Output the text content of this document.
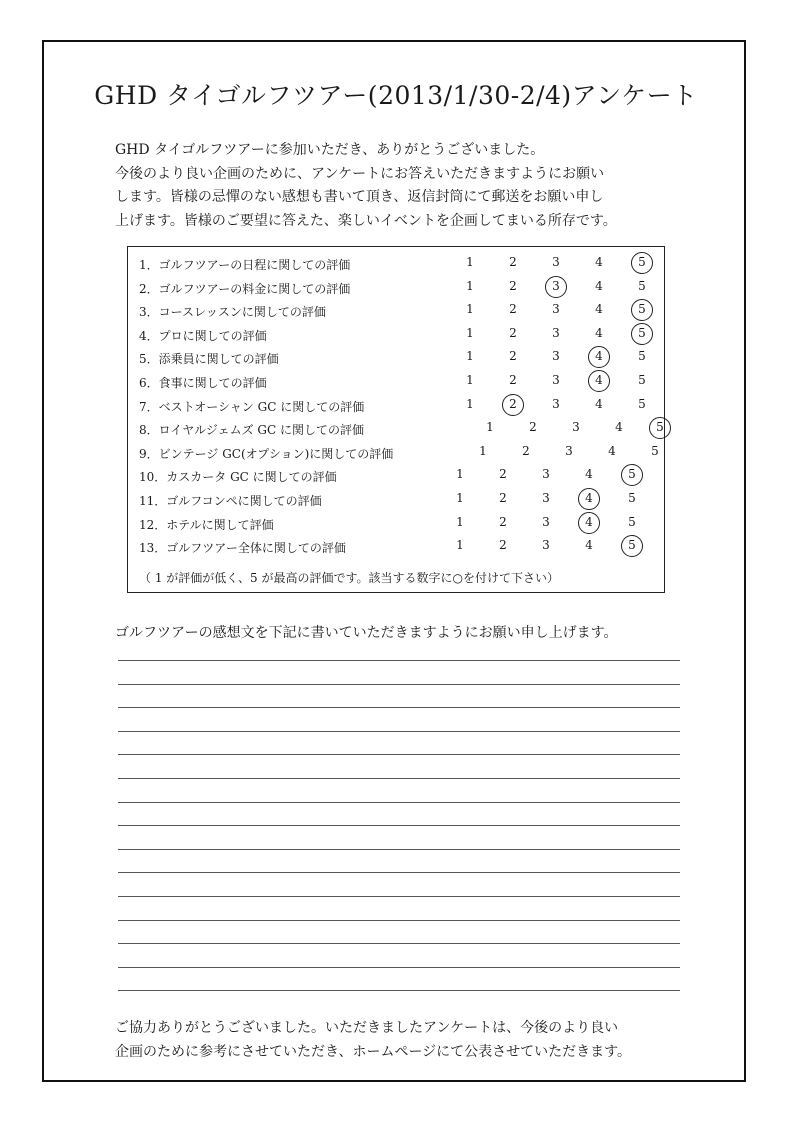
GHD タイゴルフツアー(2013/1/30-2/4)アンケート
GHD タイゴルフツアーに参加いただき、ありがとうございました。
今後のより良い企画のために、アンケートにお答えいただきますようにお願い
します。皆様の忌憚のない感想も書いて頂き、返信封筒にて郵送をお願い申し
上げます。皆様のご要望に答えた、楽しいイベントを企画してまいる所存です。
（ 1 が評価が低く、5 が最高の評価です。該当する数字に○を付けて下さい）
1．ゴルフツアーの日程に関しての評価	1	2	3	4	5
2．ゴルフツアーの料金に関しての評価	1	2	3	4	5
3．コースレッスンに関しての評価	1	2	3	4	5
4．プロに関しての評価	1	2	3	4	5
5．添乗員に関しての評価	1	2	3	4	5
6．食事に関しての評価	1	2	3	4	5
7．ベストオーシャン GC に関しての評価	1	2	3	4	5
8．ロイヤルジェムズ GC に関しての評価	1	2	3	4	5
9．ビンテージ GC(オプション)に関しての評価	1	2	3	4	5
10．カスカータ GC に関しての評価	1	2	3	4	5
11．ゴルフコンペに関しての評価	1	2	3	4	5
12．ホテルに関して評価	1	2	3	4	5
13．ゴルフツアー全体に関しての評価	1	2	3	4	5
ゴルフツアーの感想文を下記に書いていただきますようにお願い申し上げます。
ご協力ありがとうございました。いただきましたアンケートは、今後のより良い
企画のために参考にさせていただき、ホームページにて公表させていただきます。
